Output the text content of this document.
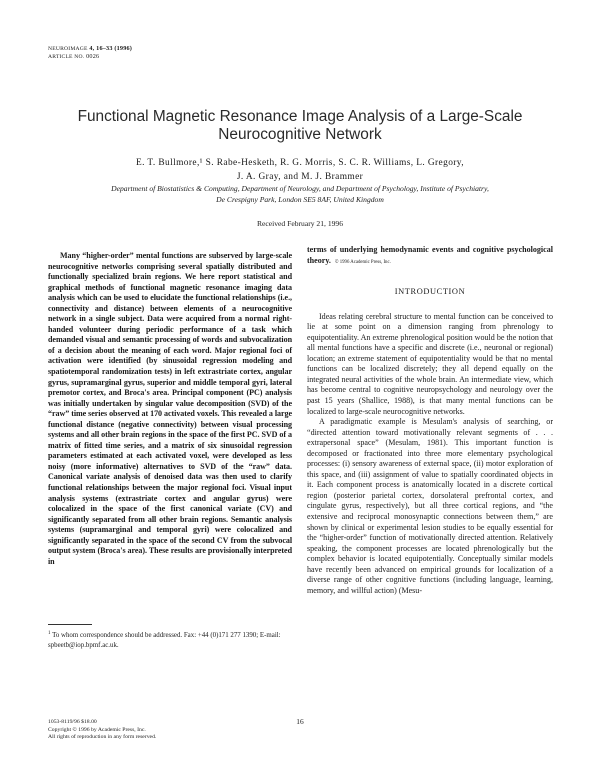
NEUROIMAGE 4, 16–33 (1996)
ARTICLE NO. 0026
Functional Magnetic Resonance Image Analysis of a Large-Scale Neurocognitive Network
E. T. Bullmore,¹ S. Rabe-Hesketh, R. G. Morris, S. C. R. Williams, L. Gregory,
J. A. Gray, and M. J. Brammer
Department of Biostatistics & Computing, Department of Neurology, and Department of Psychology, Institute of Psychiatry,
De Crespigny Park, London SE5 8AF, United Kingdom
Received February 21, 1996

Many “higher-order” mental functions are subserved by large-scale neurocognitive networks comprising several spatially distributed and functionally specialized brain regions. We here report statistical and graphical methods of functional magnetic resonance imaging data analysis which can be used to elucidate the functional relationships (i.e., connectivity and distance) between elements of a neurocognitive network in a single subject. Data were acquired from a normal right-handed volunteer during periodic performance of a task which demanded visual and semantic processing of words and subvocalization of a decision about the meaning of each word. Major regional foci of activation were identified (by sinusoidal regression modeling and spatiotemporal randomization tests) in left extrastriate cortex, angular gyrus, supramarginal gyrus, superior and middle temporal gyri, lateral premotor cortex, and Broca's area. Principal component (PC) analysis was initially undertaken by singular value decomposition (SVD) of the “raw” time series observed at 170 activated voxels. This revealed a large functional distance (negative connectivity) between visual processing systems and all other brain regions in the space of the first PC. SVD of a matrix of fitted time series, and a matrix of six sinusoidal regression parameters estimated at each activated voxel, were developed as less noisy (more informative) alternatives to SVD of the “raw” data. Canonical variate analysis of denoised data was then used to clarify functional relationships between the major regional foci. Visual input analysis systems (extrastriate cortex and angular gyrus) were colocalized in the space of the first canonical variate (CV) and significantly separated from all other brain regions. Semantic analysis systems (supramarginal and temporal gyri) were colocalized and significantly separated in the space of the second CV from the subvocal output system (Broca's area). These results are provisionally interpreted in

terms of underlying hemodynamic events and cognitive psychological theory. © 1996 Academic Press, Inc.

INTRODUCTION

Ideas relating cerebral structure to mental function can be conceived to lie at some point on a dimension ranging from phrenology to equipotentiality. An extreme phrenological position would be the notion that all mental functions have a specific and discrete (i.e., neuronal or regional) location; an extreme statement of equipotentiality would be that no mental functions can be localized discretely; they all depend equally on the integrated neural activities of the whole brain. An intermediate view, which has become central to cognitive neuropsychology and neurology over the past 15 years (Shallice, 1988), is that many mental functions can be localized to large-scale neurocognitive networks.

A paradigmatic example is Mesulam's analysis of searching, or “directed attention toward motivationally relevant segments of . . . extrapersonal space” (Mesulam, 1981). This important function is decomposed or fractionated into three more elementary psychological processes: (i) sensory awareness of external space, (ii) motor exploration of this space, and (iii) assignment of value to spatially coordinated objects in it. Each component process is anatomically located in a discrete cortical region (posterior parietal cortex, dorsolateral prefrontal cortex, and cingulate gyrus, respectively), but all three cortical regions, and “the extensive and reciprocal monosynaptic connections between them,” are shown by clinical or experimental lesion studies to be equally essential for the “higher-order” function of motivationally directed attention. Relatively speaking, the component processes are located phrenologically but the complex behavior is located equipotentially. Conceptually similar models have recently been advanced on empirical grounds for localization of a diverse range of other cognitive functions (including language, learning, memory, and willful action) (Mesu-

$^1$ To whom correspondence should be addressed. Fax: +44 (0)171 277 1390; E-mail: spbeetb@iop.bpmf.ac.uk.
16
1053-8119/96 $18.00
Copyright © 1996 by Academic Press, Inc.
All rights of reproduction in any form reserved.
